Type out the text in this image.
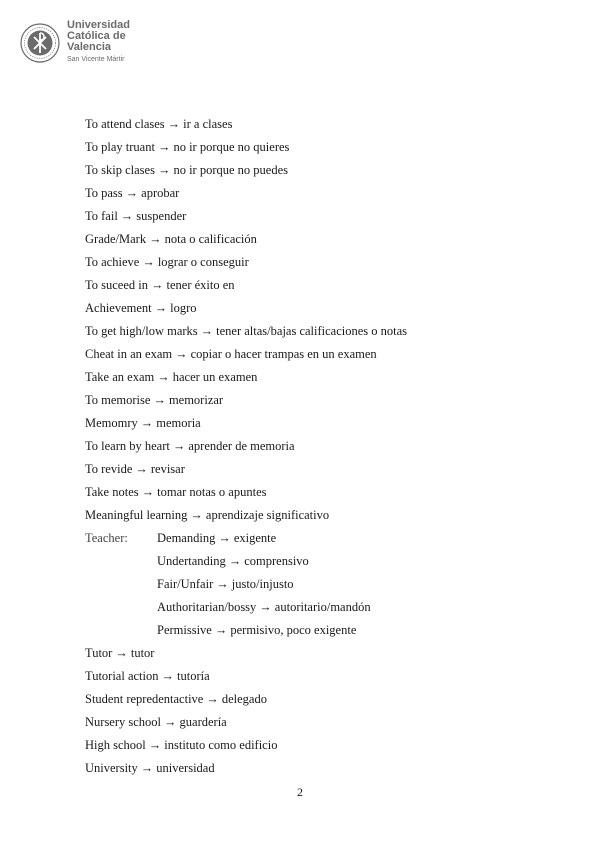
Universidad
Católica de
Valencia
San Vicente Mártir
To attend clases → ir a clases
To play truant → no ir porque no quieres
To skip clases → no ir porque no puedes
To pass → aprobar
To fail → suspender
Grade/Mark → nota o calificación
To achieve → lograr o conseguir
To suceed in → tener éxito en
Achievement → logro
To get high/low marks → tener altas/bajas calificaciones o notas
Cheat in an exam → copiar o hacer trampas en un examen
Take an exam → hacer un examen
To memorise → memorizar
Memomry → memoria
To learn by heart → aprender de memoria
To revide → revisar
Take notes → tomar notas o apuntes
Meaningful learning → aprendizaje significativo
Teacher:	Demanding → exigente
Undertanding → comprensivo
Fair/Unfair → justo/injusto
Authoritarian/bossy → autoritario/mandón
Permissive → permisivo, poco exigente
Tutor → tutor
Tutorial action → tutoría
Student repredentactive → delegado
Nursery school → guardería
High school → instituto como edificio
University → universidad
2
